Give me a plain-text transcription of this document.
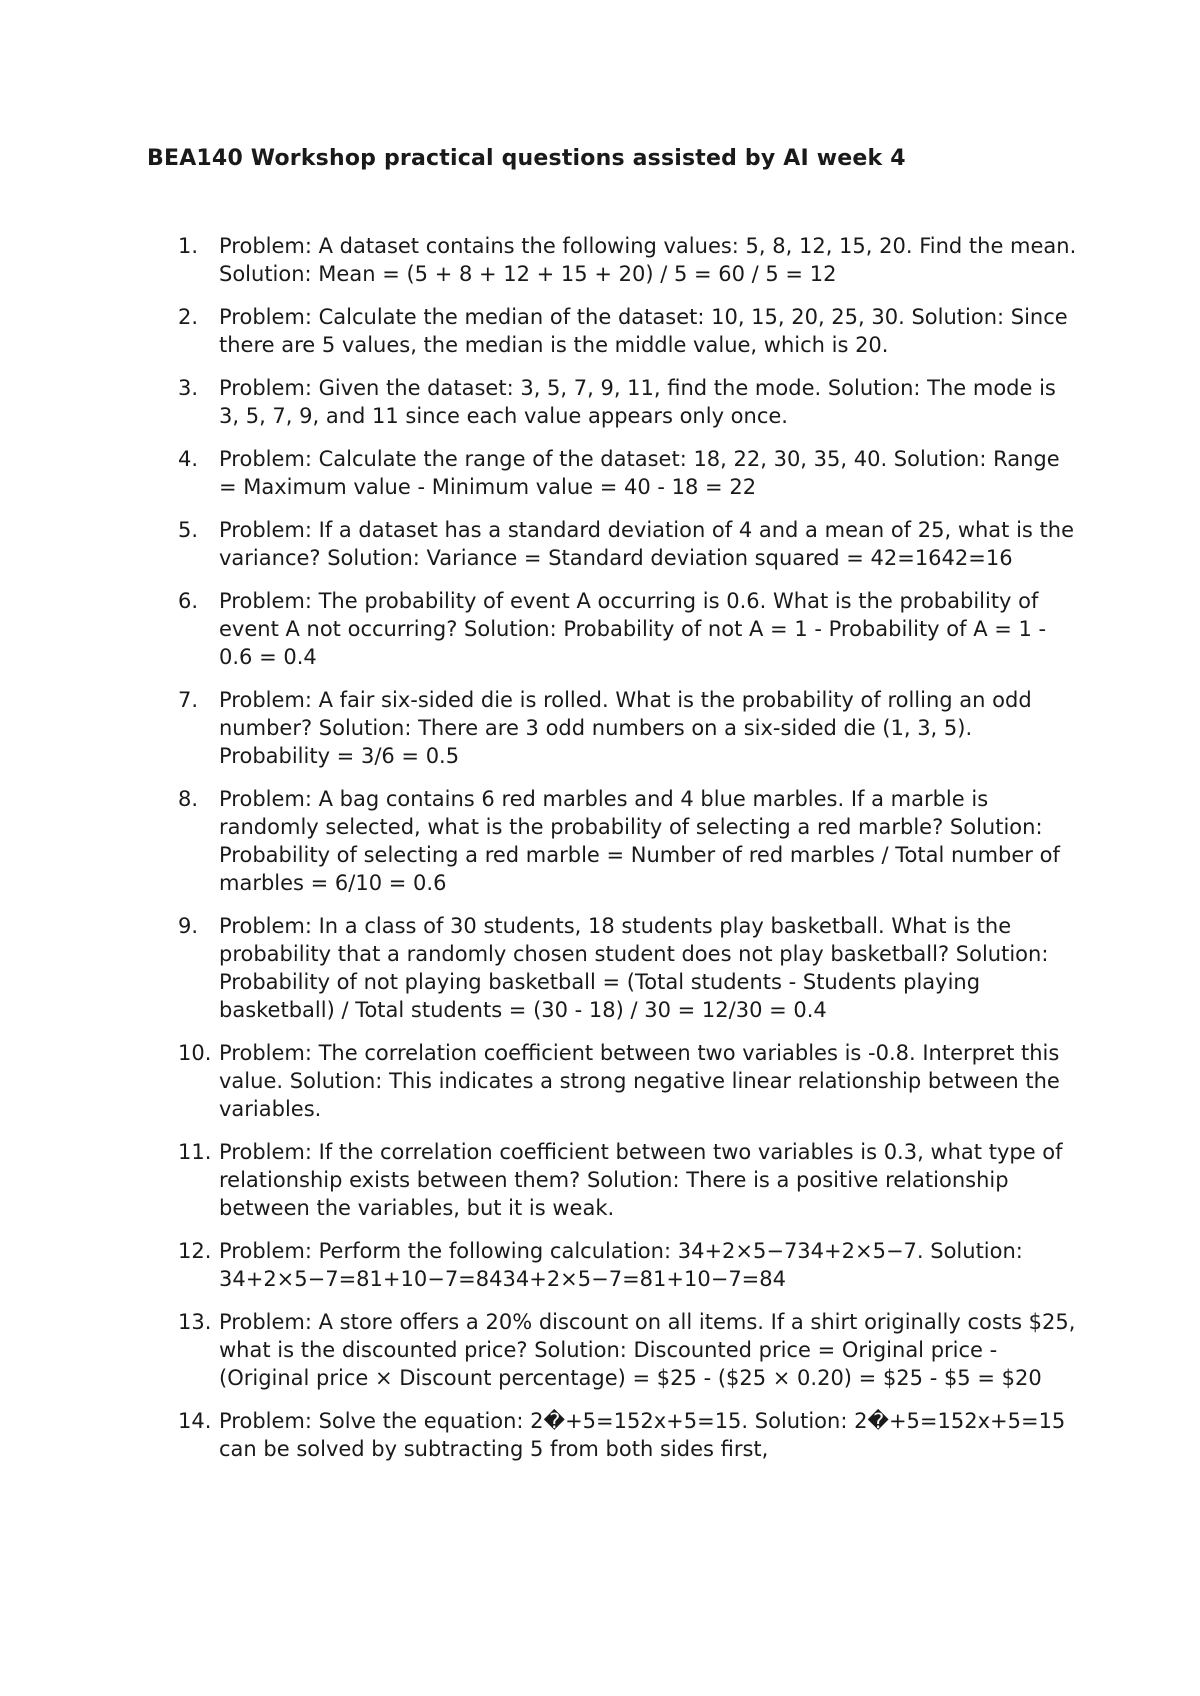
BEA140 Workshop practical questions assisted by AI week 4
1. Problem: A dataset contains the following values: 5, 8, 12, 15, 20. Find the mean. Solution: Mean = (5 + 8 + 12 + 15 + 20) / 5 = 60 / 5 = 12
2. Problem: Calculate the median of the dataset: 10, 15, 20, 25, 30. Solution: Since there are 5 values, the median is the middle value, which is 20.
3. Problem: Given the dataset: 3, 5, 7, 9, 11, find the mode. Solution: The mode is 3, 5, 7, 9, and 11 since each value appears only once.
4. Problem: Calculate the range of the dataset: 18, 22, 30, 35, 40. Solution: Range = Maximum value - Minimum value = 40 - 18 = 22
5. Problem: If a dataset has a standard deviation of 4 and a mean of 25, what is the variance? Solution: Variance = Standard deviation squared = 42=1642=16
6. Problem: The probability of event A occurring is 0.6. What is the probability of event A not occurring? Solution: Probability of not A = 1 - Probability of A = 1 - 0.6 = 0.4
7. Problem: A fair six-sided die is rolled. What is the probability of rolling an odd number? Solution: There are 3 odd numbers on a six-sided die (1, 3, 5). Probability = 3/6 = 0.5
8. Problem: A bag contains 6 red marbles and 4 blue marbles. If a marble is randomly selected, what is the probability of selecting a red marble? Solution: Probability of selecting a red marble = Number of red marbles / Total number of marbles = 6/10 = 0.6
9. Problem: In a class of 30 students, 18 students play basketball. What is the probability that a randomly chosen student does not play basketball? Solution: Probability of not playing basketball = (Total students - Students playing basketball) / Total students = (30 - 18) / 30 = 12/30 = 0.4
10. Problem: The correlation coefficient between two variables is -0.8. Interpret this value. Solution: This indicates a strong negative linear relationship between the variables.
11. Problem: If the correlation coefficient between two variables is 0.3, what type of relationship exists between them? Solution: There is a positive relationship between the variables, but it is weak.
12. Problem: Perform the following calculation: 34+2×5−734+2×5−7. Solution: 34+2×5−7=81+10−7=8434+2×5−7=81+10−7=84
13. Problem: A store offers a 20% discount on all items. If a shirt originally costs $25, what is the discounted price? Solution: Discounted price = Original price - (Original price × Discount percentage) = $25 - ($25 × 0.20) = $25 - $5 = $20
14. Problem: Solve the equation: 2�+5=152x+5=15. Solution: 2�+5=152x+5=15 can be solved by subtracting 5 from both sides first,
